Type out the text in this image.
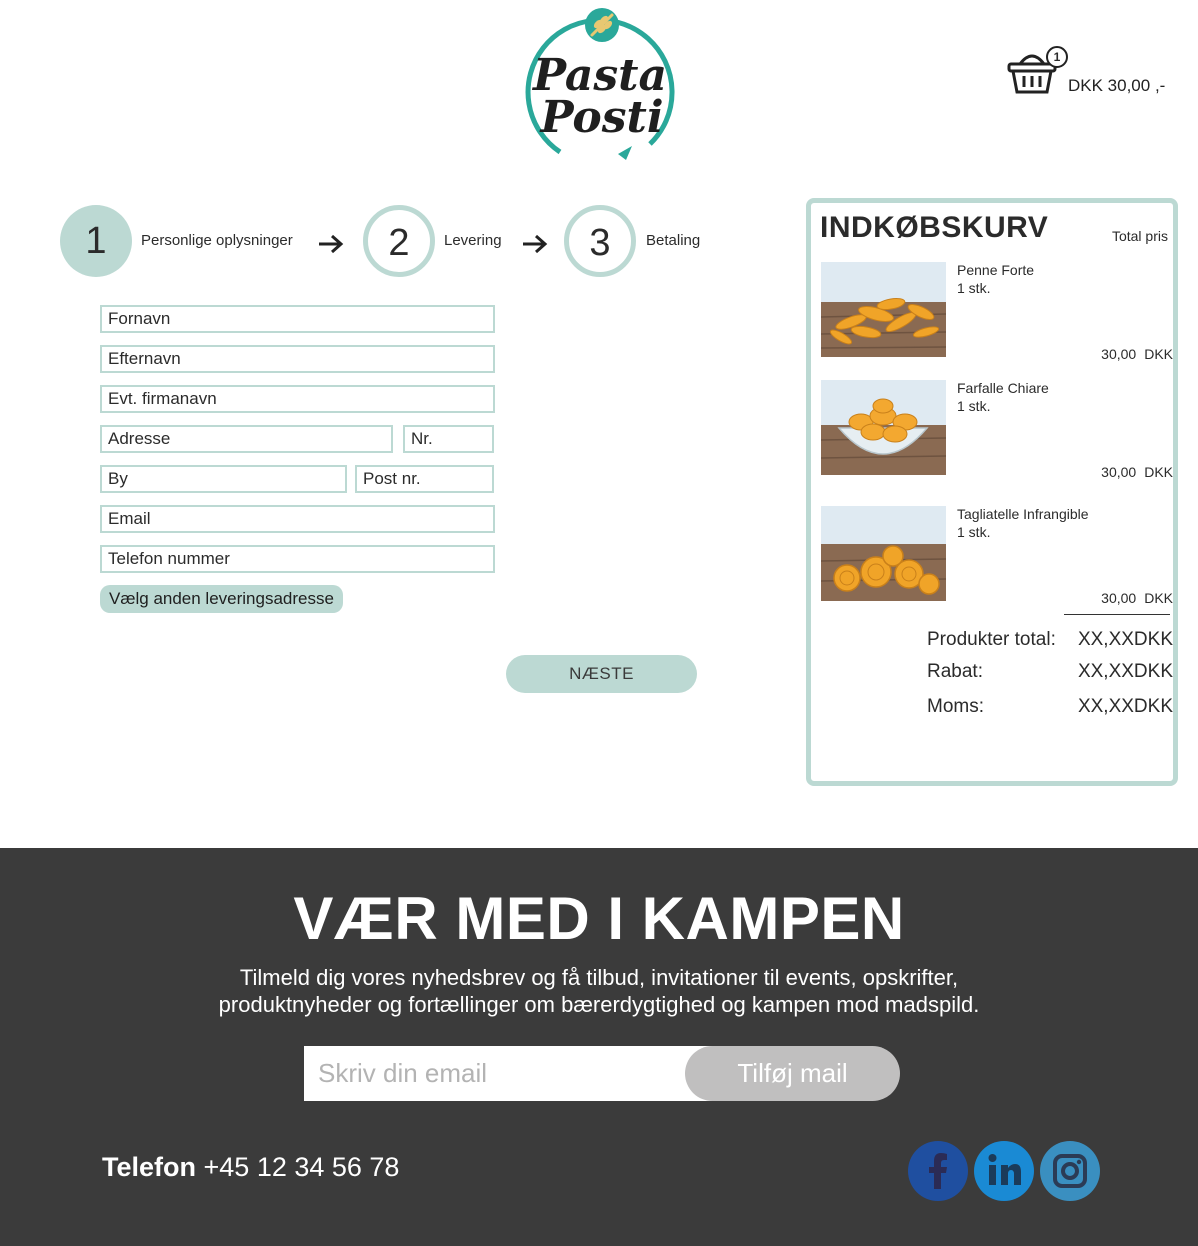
Pasta
Posti
1
DKK 30,00 ,-
1	Personlige oplysninger	2	Levering	3	Betaling
Fornavn
Efternavn
Evt. firmanavn
Adresse
Nr.
By
Post nr.
Email
Telefon nummer
Vælg anden leveringsadresse
NÆSTE
INDKØBSKURV	Total pris
Penne Forte
1 stk.
30,00 DKK
Farfalle Chiare
1 stk.
30,00 DKK
Tagliatelle Infrangible
1 stk.
30,00 DKK
Produkter total: XX,XXDKK
Rabat:	XX,XXDKK
Moms:	XX,XXDKK
VÆR MED I KAMPEN
Tilmeld dig vores nyhedsbrev og få tilbud, invitationer til events, opskrifter,
produktnyheder og fortællinger om bærerdygtighed og kampen mod madspild.
Skriv din email
Tilføj mail
Telefon +45 12 34 56 78
